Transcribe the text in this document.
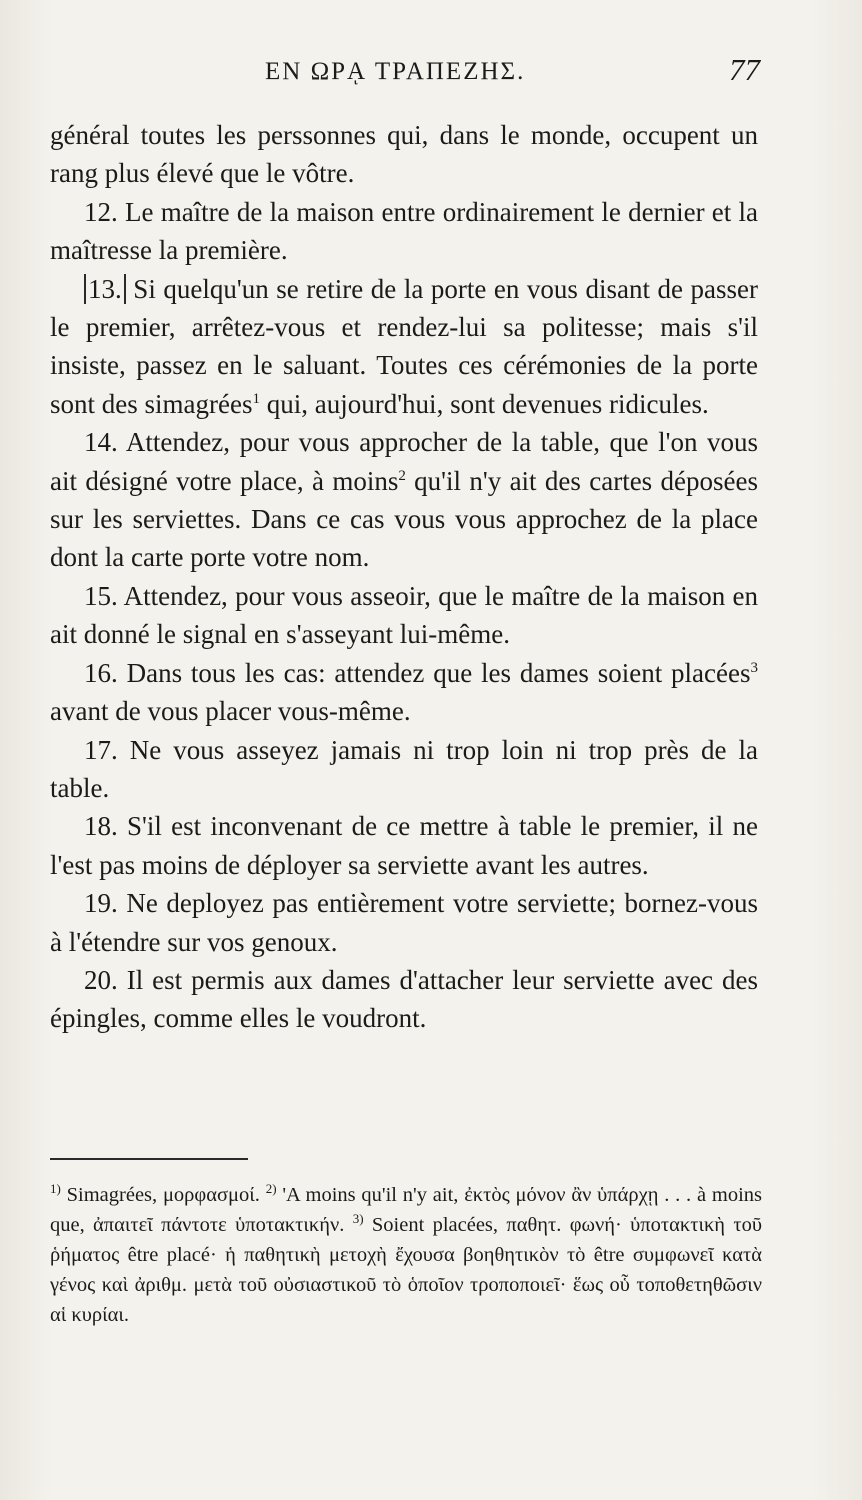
ΕΝ ΩΡᾼ ΤΡΑΠΕΖΗΣ.	77

général toutes les perssonnes qui, dans le monde, occupent un rang plus élevé que le vôtre.

12. Le maître de la maison entre ordinairement le dernier et la maîtresse la première.

13. Si quelqu'un se retire de la porte en vous disant de passer le premier, arrêtez-vous et rendez-lui sa politesse; mais s'il insiste, passez en le saluant. Toutes ces cérémonies de la porte sont des simagrées$^1$ qui, aujourd'hui, sont devenues ridicules.

14. Attendez, pour vous approcher de la table, que l'on vous ait désigné votre place, à moins$^2$ qu'il n'y ait des cartes déposées sur les serviettes. Dans ce cas vous vous approchez de la place dont la carte porte votre nom.

15. Attendez, pour vous asseoir, que le maître de la maison en ait donné le signal en s'asseyant lui-même.

16. Dans tous les cas: attendez que les dames soient placées$^3$ avant de vous placer vous-même.

17. Ne vous asseyez jamais ni trop loin ni trop près de la table.

18. S'il est inconvenant de ce mettre à table le premier, il ne l'est pas moins de déployer sa serviette avant les autres.

19. Ne deployez pas entièrement votre serviette; bornez-vous à l'étendre sur vos genoux.

20. Il est permis aux dames d'attacher leur serviette avec des épingles, comme elles le voudront.

$^{1)}$ Simagrées, μορφασμοί. $^{2)}$ 'A moins qu'il n'y ait, ἐκτὸς μόνον ἂν ὑπάρχῃ . . . à moins que, ἀπαιτεῖ πάντοτε ὑποτακτικήν. $^{3)}$ Soient placées, παθητ. φωνή· ὑποτακτικὴ τοῦ ῥήματος être placé· ἡ παθητικὴ μετοχὴ ἔχουσα βοηθητικὸν τὸ être συμφωνεῖ κατὰ γένος καὶ ἀριθμ. μετὰ τοῦ οὐσιαστικοῦ τὸ ὁποῖον τροποποιεῖ· ἕως οὗ τοποθετηθῶσιν αἱ κυρίαι.
